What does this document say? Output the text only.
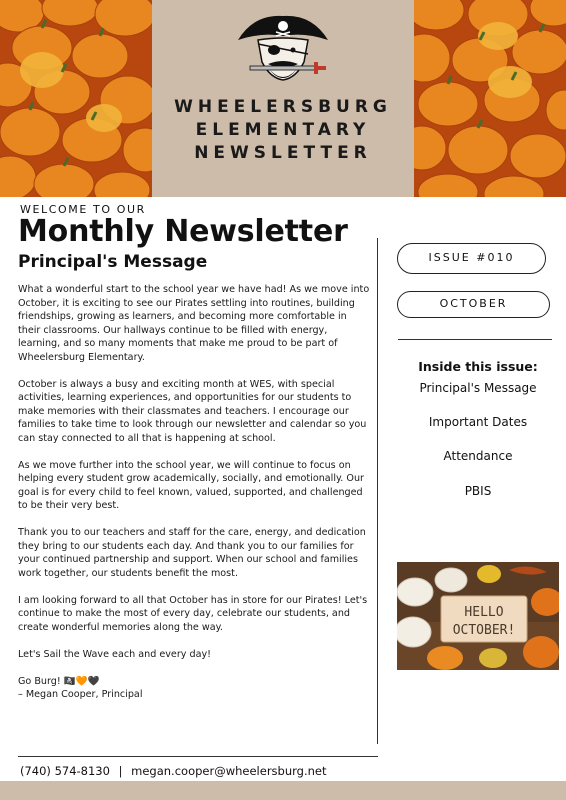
WHEELERSBURG
ELEMENTARY
NEWSLETTER
WELCOME TO OUR
Monthly Newsletter
Principal's Message

What a wonderful start to the school year we have had! As we move into October, it is exciting to see our Pirates settling into routines, building friendships, growing as learners, and becoming more comfortable in their classrooms. Our hallways continue to be filled with energy, learning, and so many moments that make me proud to be part of Wheelersburg Elementary.

October is always a busy and exciting month at WES, with special activities, learning experiences, and opportunities for our students to make memories with their classmates and teachers. I encourage our families to take time to look through our newsletter and calendar so you can stay connected to all that is happening at school.

As we move further into the school year, we will continue to focus on helping every student grow academically, socially, and emotionally. Our goal is for every child to feel known, valued, supported, and challenged to be their very best.

Thank you to our teachers and staff for the care, energy, and dedication they bring to our students each day. And thank you to our families for your continued partnership and support. When our school and families work together, our students benefit the most.

I am looking forward to all that October has in store for our Pirates! Let's continue to make the most of every day, celebrate our students, and create wonderful memories along the way.

Let's Sail the Wave each and every day!

Go Burg! 🏴‍☠️🧡🖤

– Megan Cooper, Principal

ISSUE #010
OCTOBER
Inside this issue:
Principal's Message
Important Dates
Attendance
PBIS
HELLO
OCTOBER!
(740) 574-8130 | megan.cooper@wheelersburg.net
